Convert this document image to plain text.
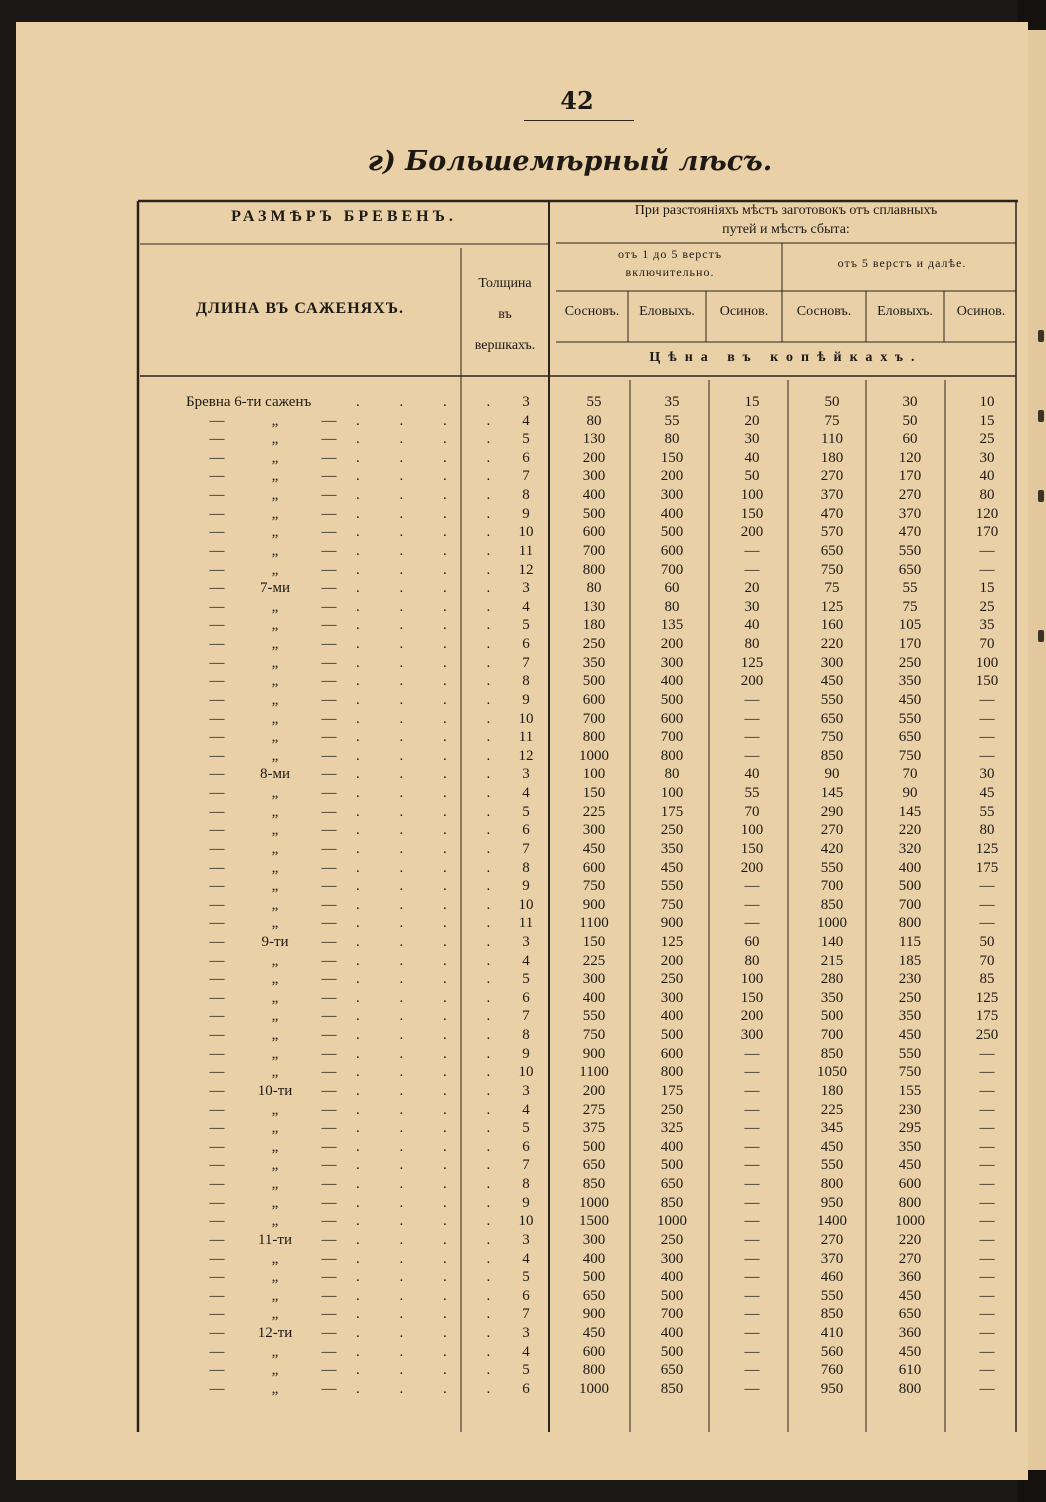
42
г) Большемѣрный лѣсъ.
РАЗМѢРЪ БРЕВЕНЪ.	При разстояніяхъ мѣстъ заготовокъ отъ сплавныхъ
путей и мѣстъ сбыта:
отъ 1 до 5 верстъ
включительно.
отъ 5 верстъ и далѣе.
ДЛИНА ВЪ САЖЕНЯХЪ.
Толщина
въ
вершкахъ.
Сосновъ.	Еловыхъ.	Осинов.	Сосновъ.	Еловыхъ.	Осинов.
Цѣна въ копѣйкахъ.
Бревна 6-ти саженъ	. . . . 3	55	35	15	50	30	10
—	„	—	. . . . 4	80	55	20	75	50	15
—	„	—	. . . . 5	130	80	30	110	60	25
—	„	—	. . . . 6	200	150	40	180	120	30
—	„	—	. . . . 7	300	200	50	270	170	40
—	„	—	. . . . 8	400	300	100	370	270	80
—	„	—	. . . . 9	500	400	150	470	370	120
—	„	—	. . . . 10	600	500	200	570	470	170
—	„	—	. . . . 11	700	600	—	650	550	—
—	„	—	. . . . 12	800	700	—	750	650	—
—	7-ми	—	. . . . 3	80	60	20	75	55	15
—	„	—	. . . . 4	130	80	30	125	75	25
—	„	—	. . . . 5	180	135	40	160	105	35
—	„	—	. . . . 6	250	200	80	220	170	70
—	„	—	. . . . 7	350	300	125	300	250	100
—	„	—	. . . . 8	500	400	200	450	350	150
—	„	—	. . . . 9	600	500	—	550	450	—
—	„	—	. . . . 10	700	600	—	650	550	—
—	„	—	. . . . 11	800	700	—	750	650	—
—	„	—	. . . . 12	1000	800	—	850	750	—
—	8-ми	—	. . . . 3	100	80	40	90	70	30
—	„	—	. . . . 4	150	100	55	145	90	45
—	„	—	. . . . 5	225	175	70	290	145	55
—	„	—	. . . . 6	300	250	100	270	220	80
—	„	—	. . . . 7	450	350	150	420	320	125
—	„	—	. . . . 8	600	450	200	550	400	175
—	„	—	. . . . 9	750	550	—	700	500	—
—	„	—	. . . . 10	900	750	—	850	700	—
—	„	—	. . . . 11	1100	900	—	1000	800	—
—	9-ти	—	. . . . 3	150	125	60	140	115	50
—	„	—	. . . . 4	225	200	80	215	185	70
—	„	—	. . . . 5	300	250	100	280	230	85
—	„	—	. . . . 6	400	300	150	350	250	125
—	„	—	. . . . 7	550	400	200	500	350	175
—	„	—	. . . . 8	750	500	300	700	450	250
—	„	—	. . . . 9	900	600	—	850	550	—
—	„	—	. . . . 10	1100	800	—	1050	750	—
—	10-ти	—	. . . . 3	200	175	—	180	155	—
—	„	—	. . . . 4	275	250	—	225	230	—
—	„	—	. . . . 5	375	325	—	345	295	—
—	„	—	. . . . 6	500	400	—	450	350	—
—	„	—	. . . . 7	650	500	—	550	450	—
—	„	—	. . . . 8	850	650	—	800	600	—
—	„	—	. . . . 9	1000	850	—	950	800	—
—	„	—	. . . . 10	1500	1000	—	1400	1000	—
—	11-ти	—	. . . . 3	300	250	—	270	220	—
—	„	—	. . . . 4	400	300	—	370	270	—
—	„	—	. . . . 5	500	400	—	460	360	—
—	„	—	. . . . 6	650	500	—	550	450	—
—	„	—	. . . . 7	900	700	—	850	650	—
—	12-ти	—	. . . . 3	450	400	—	410	360	—
—	„	—	. . . . 4	600	500	—	560	450	—
—	„	—	. . . . 5	800	650	—	760	610	—
—	„	—	. . . . 6	1000	850	—	950	800	—
